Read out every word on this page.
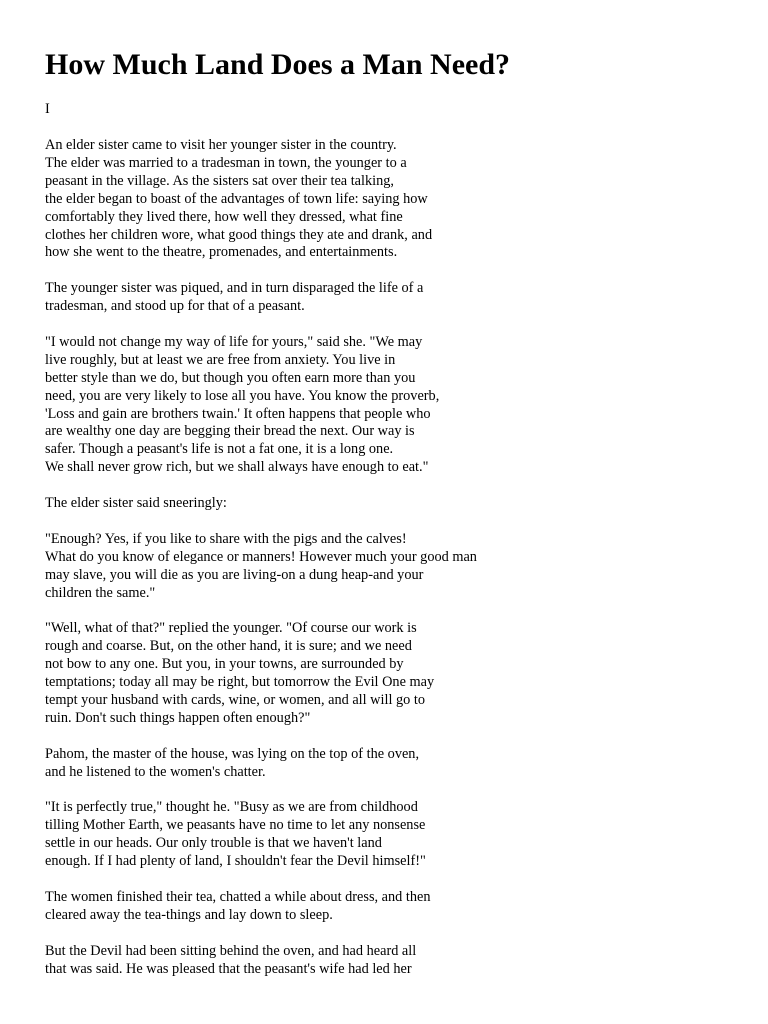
How Much Land Does a Man Need?
I

An elder sister came to visit her younger sister in the country.
The elder was married to a tradesman in town, the younger to a
peasant in the village. As the sisters sat over their tea talking,
the elder began to boast of the advantages of town life: saying how
comfortably they lived there, how well they dressed, what fine
clothes her children wore, what good things they ate and drank, and
how she went to the theatre, promenades, and entertainments.

The younger sister was piqued, and in turn disparaged the life of a
tradesman, and stood up for that of a peasant.

"I would not change my way of life for yours," said she. "We may
live roughly, but at least we are free from anxiety. You live in
better style than we do, but though you often earn more than you
need, you are very likely to lose all you have. You know the proverb,
'Loss and gain are brothers twain.' It often happens that people who
are wealthy one day are begging their bread the next. Our way is
safer. Though a peasant's life is not a fat one, it is a long one.
We shall never grow rich, but we shall always have enough to eat."

The elder sister said sneeringly:

"Enough? Yes, if you like to share with the pigs and the calves!
What do you know of elegance or manners! However much your good man
may slave, you will die as you are living-on a dung heap-and your
children the same."

"Well, what of that?" replied the younger. "Of course our work is
rough and coarse. But, on the other hand, it is sure; and we need
not bow to any one. But you, in your towns, are surrounded by
temptations; today all may be right, but tomorrow the Evil One may
tempt your husband with cards, wine, or women, and all will go to
ruin. Don't such things happen often enough?"

Pahom, the master of the house, was lying on the top of the oven,
and he listened to the women's chatter.

"It is perfectly true," thought he. "Busy as we are from childhood
tilling Mother Earth, we peasants have no time to let any nonsense
settle in our heads. Our only trouble is that we haven't land
enough. If I had plenty of land, I shouldn't fear the Devil himself!"

The women finished their tea, chatted a while about dress, and then
cleared away the tea-things and lay down to sleep.

But the Devil had been sitting behind the oven, and had heard all
that was said. He was pleased that the peasant's wife had led her
